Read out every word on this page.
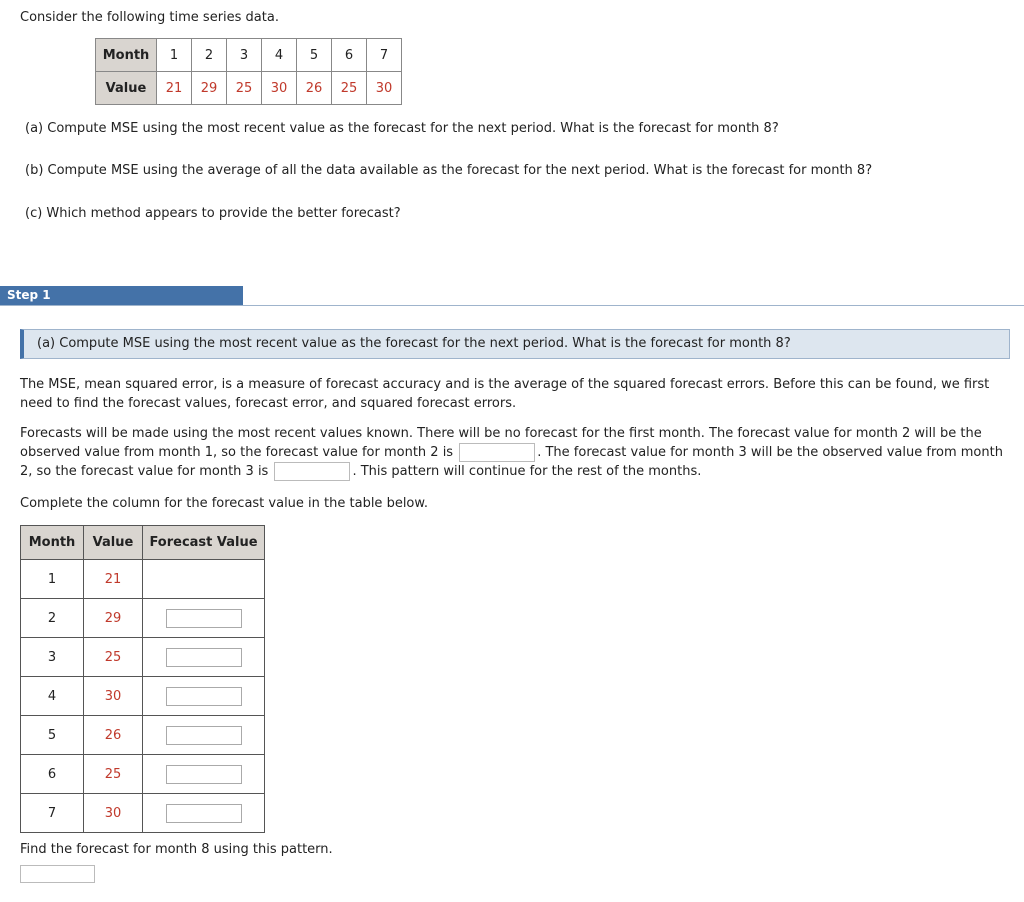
Consider the following time series data.
Month	1	2	3	4	5	6	7
Value	21	29	25	30	26	25	30
(a) Compute MSE using the most recent value as the forecast for the next period. What is the forecast for month 8?
(b) Compute MSE using the average of all the data available as the forecast for the next period. What is the forecast for month 8?
(c) Which method appears to provide the better forecast?
Step 1
(a) Compute MSE using the most recent value as the forecast for the next period. What is the forecast for month 8?
The MSE, mean squared error, is a measure of forecast accuracy and is the average of the squared forecast errors. Before this can be found, we first need to find the forecast values, forecast error, and squared forecast errors.
Forecasts will be made using the most recent values known. There will be no forecast for the first month. The forecast value for month 2 will be the observed value from month 1, so the forecast value for month 2 is	. The forecast value for month 3 will be the observed value from month 2, so the forecast value for month 3 is	. This pattern will continue for the rest of the months.
Complete the column for the forecast value in the table below.
Month	Value	Forecast Value
1	21	
2	29	
3	25	
4	30	
5	26	
6	25	
7	30	
Find the forecast for month 8 using this pattern.
